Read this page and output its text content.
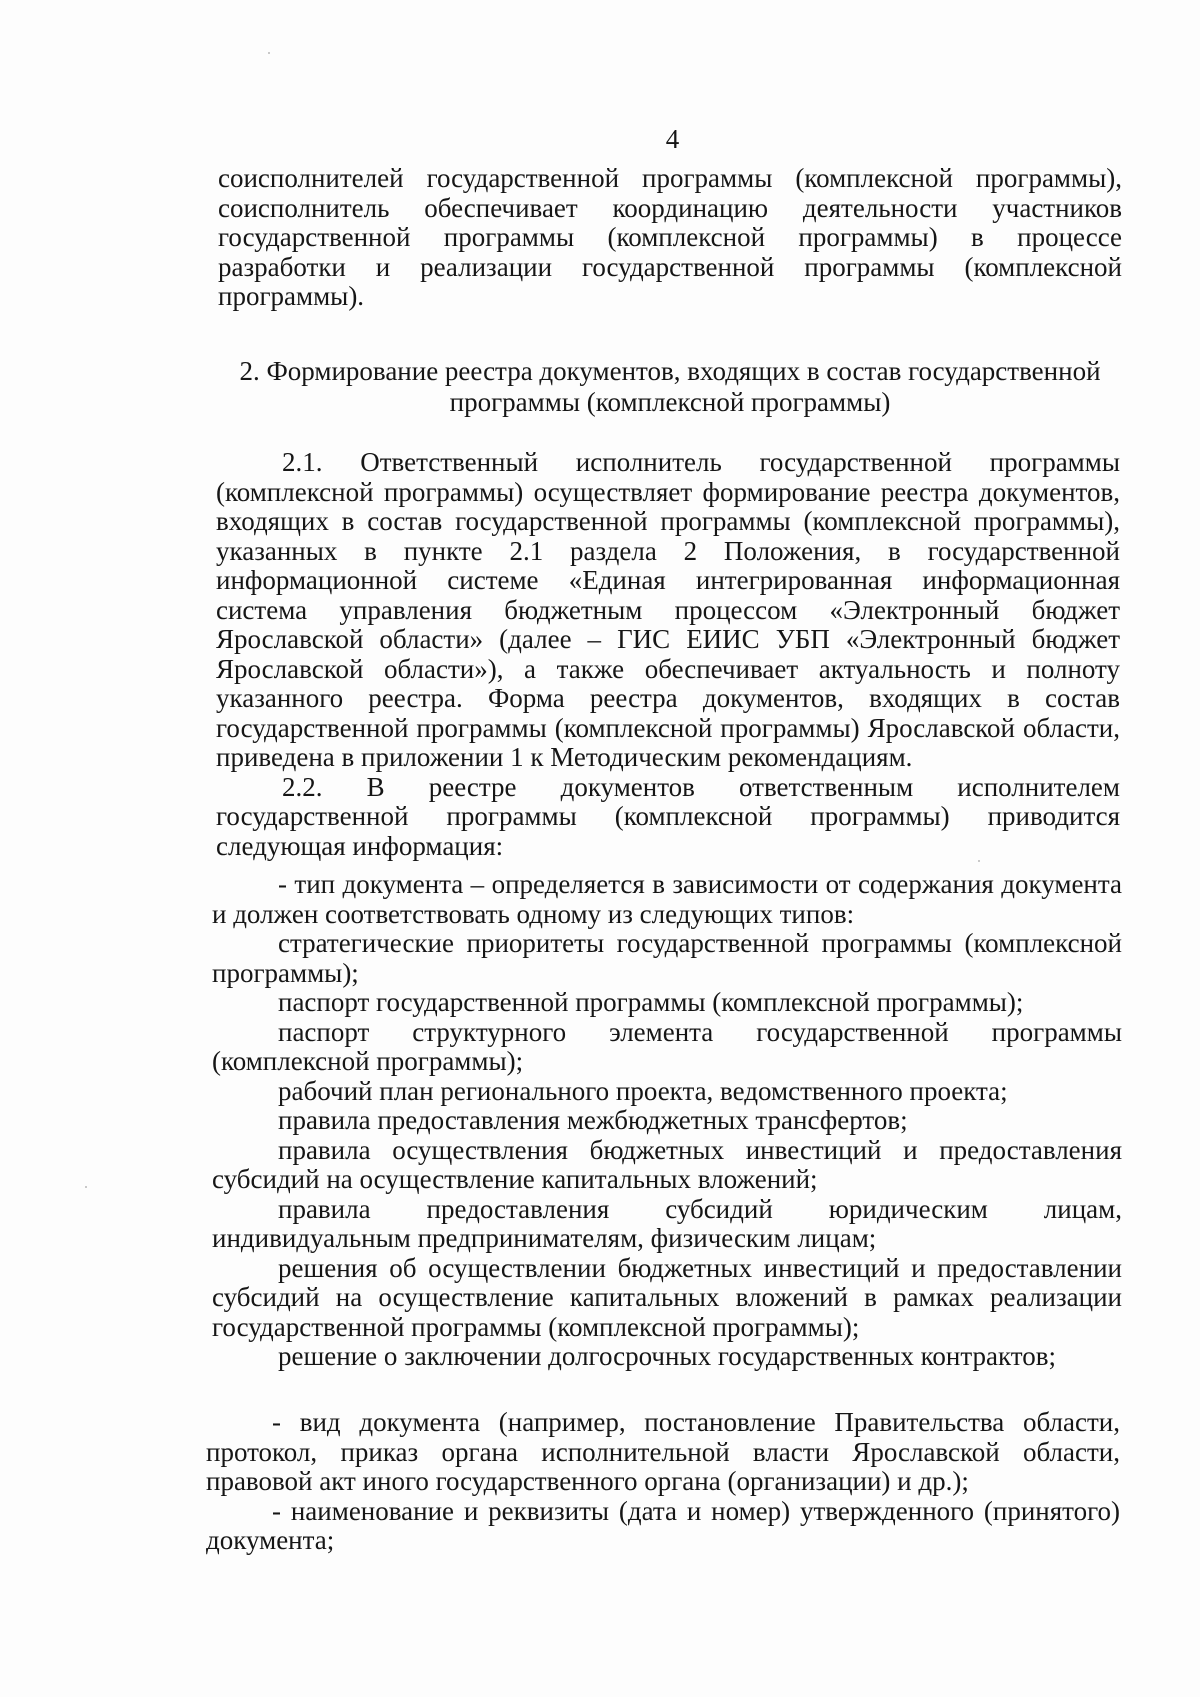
4

соисполнителей государственной программы (комплексной программы), соисполнитель обеспечивает координацию деятельности участников государственной программы (комплексной программы) в процессе разработки и реализации государственной программы (комплексной программы).

2. Формирование реестра документов, входящих в состав государственной
программы (комплексной программы)

2.1. Ответственный исполнитель государственной программы (комплексной программы) осуществляет формирование реестра документов, входящих в состав государственной программы (комплексной программы), указанных в пункте 2.1 раздела 2 Положения, в государственной информационной системе «Единая интегрированная информационная система управления бюджетным процессом «Электронный бюджет Ярославской области» (далее – ГИС ЕИИС УБП «Электронный бюджет Ярославской области»), а также обеспечивает актуальность и полноту указанного реестра. Форма реестра документов, входящих в состав государственной программы (комплексной программы) Ярославской области, приведена в приложении 1 к Методическим рекомендациям.

2.2. В реестре документов ответственным исполнителем государственной программы (комплексной программы) приводится следующая информация:

- тип документа – определяется в зависимости от содержания документа и должен соответствовать одному из следующих типов:

стратегические приоритеты государственной программы (комплексной программы);

паспорт государственной программы (комплексной программы);

паспорт структурного элемента государственной программы (комплексной программы);

рабочий план регионального проекта, ведомственного проекта;

правила предоставления межбюджетных трансфертов;

правила осуществления бюджетных инвестиций и предоставления субсидий на осуществление капитальных вложений;

правила предоставления субсидий юридическим лицам, индивидуальным предпринимателям, физическим лицам;

решения об осуществлении бюджетных инвестиций и предоставлении субсидий на осуществление капитальных вложений в рамках реализации государственной программы (комплексной программы);

решение о заключении долгосрочных государственных контрактов;

- вид документа (например, постановление Правительства области, протокол, приказ органа исполнительной власти Ярославской области, правовой акт иного государственного органа (организации) и др.);

- наименование и реквизиты (дата и номер) утвержденного (принятого) документа;
